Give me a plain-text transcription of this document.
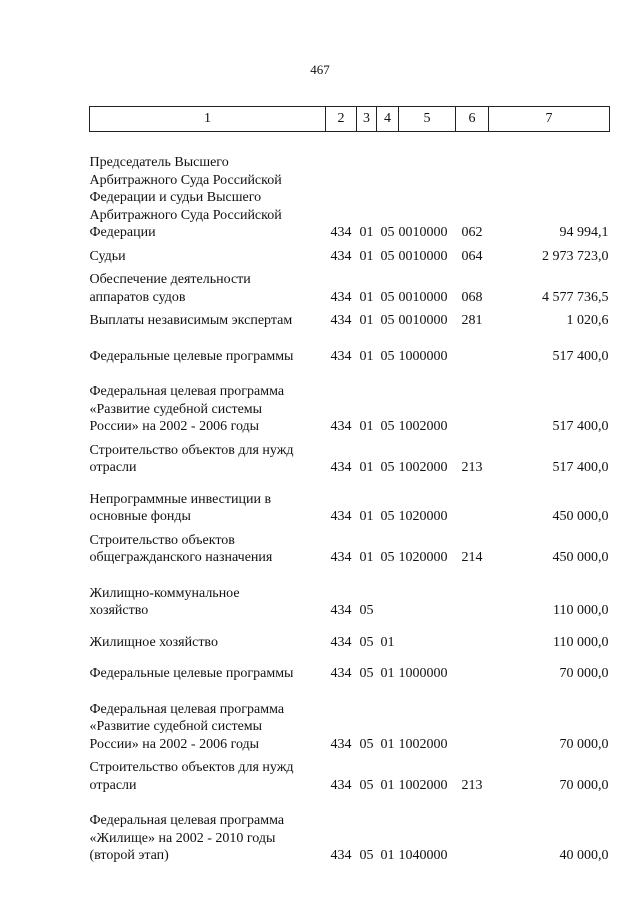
467
1	2	3	4	5	6	7

Председатель Высшего
Арбитражного Суда Российской
Федерации и судьи Высшего
Арбитражного Суда Российской
Федерации	434	01	05	0010000	062	94 994,1

Судьи	434	01	05	0010000	064	2 973 723,0

Обеспечение деятельности
аппаратов судов	434	01	05	0010000	068	4 577 736,5

Выплаты независимым экспертам	434	01	05	0010000	281	1 020,6

Федеральные целевые программы	434	01	05	1000000		517 400,0

Федеральная целевая программа
«Развитие судебной системы
России» на 2002 - 2006 годы	434	01	05	1002000		517 400,0

Строительство объектов для нужд
отрасли	434	01	05	1002000	213	517 400,0

Непрограммные инвестиции в
основные фонды	434	01	05	1020000		450 000,0

Строительство объектов
общегражданского назначения	434	01	05	1020000	214	450 000,0

Жилищно-коммунальное
хозяйство	434	05				110 000,0

Жилищное хозяйство	434	05	01			110 000,0

Федеральные целевые программы	434	05	01	1000000		70 000,0

Федеральная целевая программа
«Развитие судебной системы
России» на 2002 - 2006 годы	434	05	01	1002000		70 000,0

Строительство объектов для нужд
отрасли	434	05	01	1002000	213	70 000,0

Федеральная целевая программа
«Жилище» на 2002 - 2010 годы
(второй этап)	434	05	01	1040000		40 000,0
